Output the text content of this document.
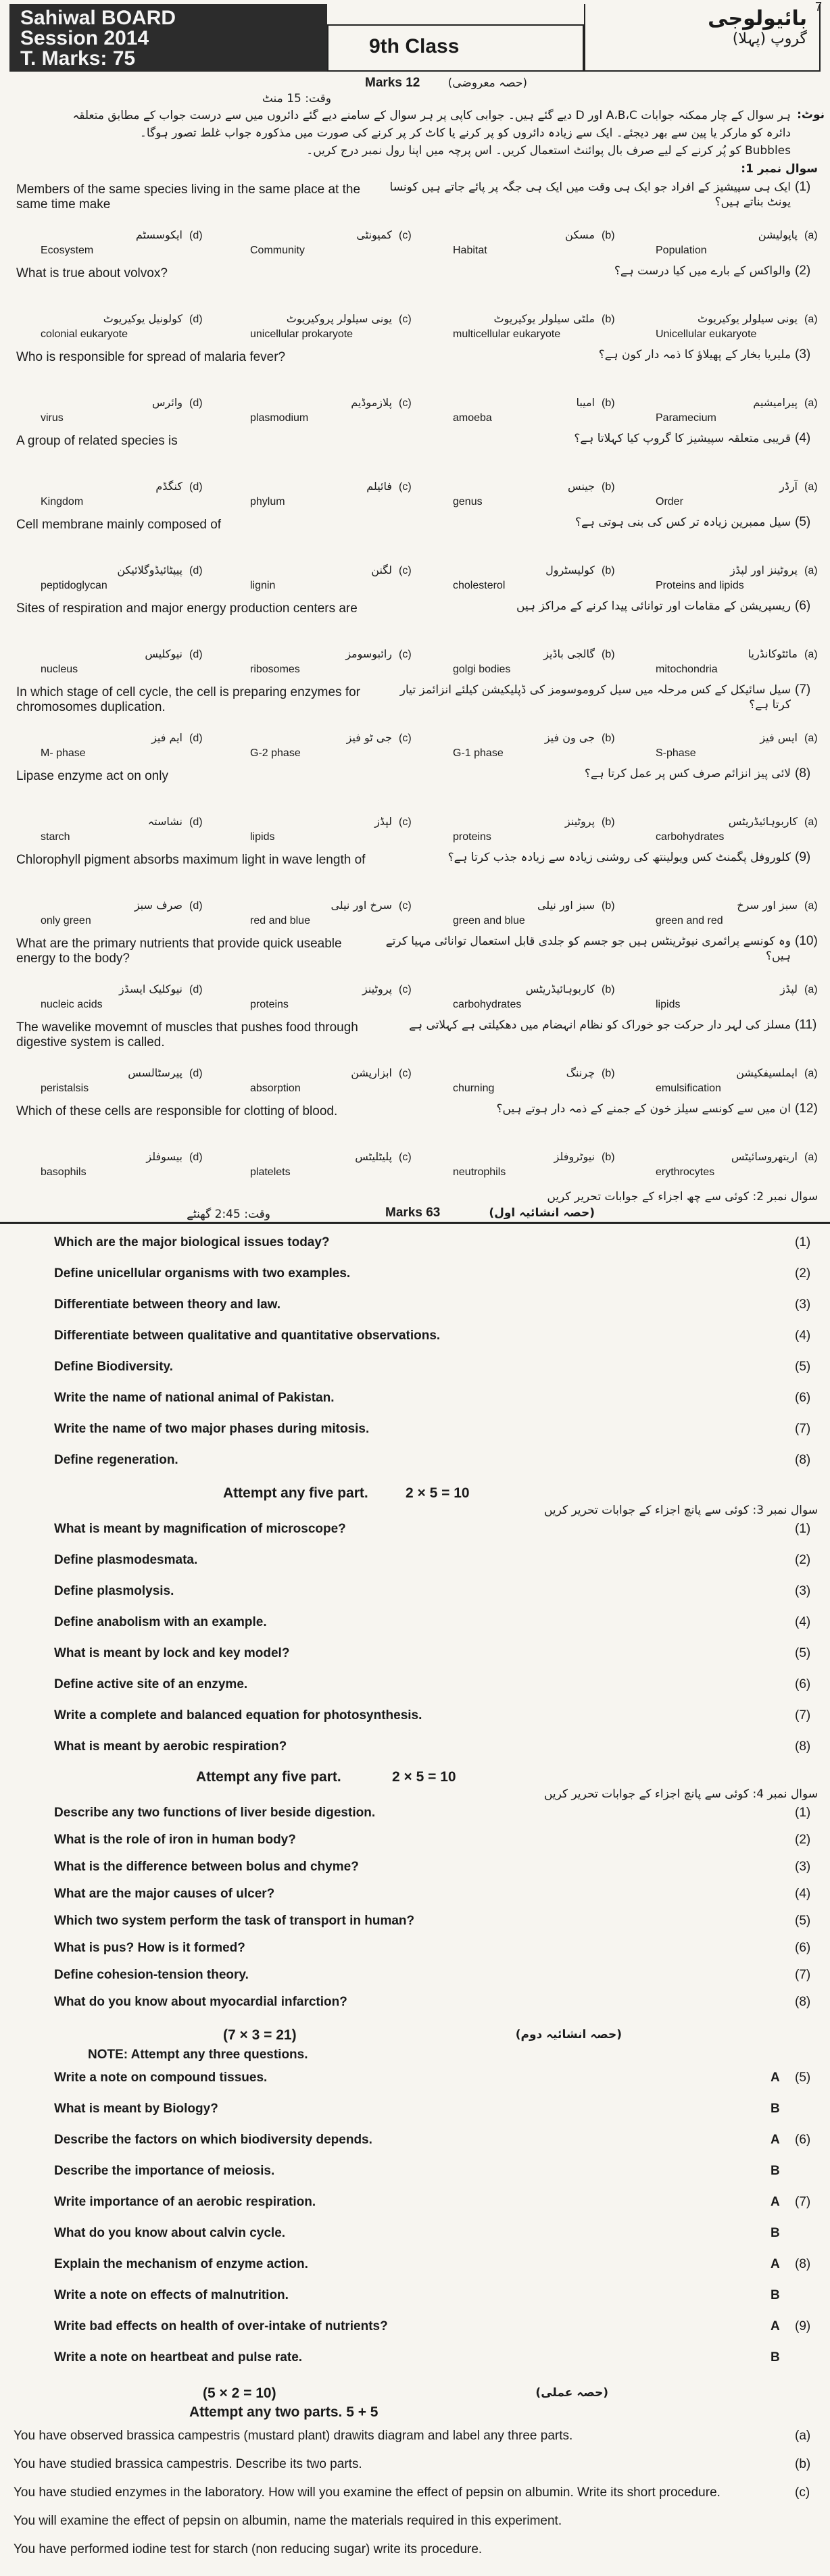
Sahiwal BOARD
Session 2014
T. Marks: 75
9th Class
بائیولوجی
گروپ (پہلا)
7
Marks 12	(حصہ معروضی)
وقت: 15 منٹ
ہر سوال کے چار ممکنہ جوابات A،B،C اور D دیے گئے ہیں۔ جوابی کاپی پر ہر سوال کے سامنے دیے گئے دائروں میں سے درست جواب کے مطابق متعلقہ نوٹ:
دائرہ کو مارکر یا پین سے بھر دیجئے۔ ایک سے زیادہ دائروں کو پر کرنے یا کاٹ کر پر کرنے کی صورت میں مذکورہ جواب غلط تصور ہوگا۔
Bubbles کو پُر کرنے کے لیے صرف بال پوائنٹ استعمال کریں۔ اس پرچہ میں اپنا رول نمبر درج کریں۔
سوال نمبر 1:
(1)
ایک ہی سپیشیز کے افراد جو ایک ہی وقت میں ایک ہی جگہ پر پائے جاتے ہیں کونسا یونٹ بناتے ہیں؟
Members of the same species living in the same place at the same time make
(a)
پاپولیشن
Population
(b)
مسکن
Habitat
(c)
کمیونٹی
Community
(d)
ایکوسسٹم
Ecosystem
(2)
والواکس کے بارے میں کیا درست ہے؟
What is true about volvox?
(a)
یونی سیلولر یوکیریوٹ
Unicellular eukaryote
(b)
ملٹی سیلولر یوکیریوٹ
multicellular eukaryote
(c)
یونی سیلولر پروکیریوٹ
unicellular prokaryote
(d)
کولونیل یوکیریوٹ
colonial eukaryote
(3)
ملیریا بخار کے پھیلاؤ کا ذمہ دار کون ہے؟
Who is responsible for spread of malaria fever?
(a)
پیرامیشیم
Paramecium
(b)
امیبا
amoeba
(c)
پلازموڈیم
plasmodium
(d)
وائرس
virus
(4)
قریبی متعلقہ سپیشیز کا گروپ کیا کہلاتا ہے؟
A group of related species is
(a)
آرڈر
Order
(b)
جینس
genus
(c)
فائیلم
phylum
(d)
کنگڈم
Kingdom
(5)
سیل ممبرین زیادہ تر کس کی بنی ہوتی ہے؟
Cell membrane mainly composed of
(a)
پروٹینز اور لپڈز
Proteins and lipids
(b)
کولیسٹرول
cholesterol
(c)
لگنن
lignin
(d)
پیپٹائیڈوگلائیکن
peptidoglycan
(6)
ریسپریشن کے مقامات اور توانائی پیدا کرنے کے مراکز ہیں
Sites of respiration and major energy production centers are
(a)
مائٹوکانڈریا
mitochondria
(b)
گالجی باڈیز
golgi bodies
(c)
رائبوسومز
ribosomes
(d)
نیوکلیس
nucleus
(7)
سیل سائیکل کے کس مرحلہ میں سیل کروموسومز کی ڈپلیکیشن کیلئے انزائمز تیار کرتا ہے؟
In which stage of cell cycle, the cell is preparing enzymes for chromosomes duplication.
(a)
ایس فیز
S-phase
(b)
جی ون فیز
G-1 phase
(c)
جی ٹو فیز
G-2 phase
(d)
ایم فیز
M- phase
(8)
لائی پیز انزائم صرف کس پر عمل کرتا ہے؟
Lipase enzyme act on only
(a)
کاربوہائیڈریٹس
carbohydrates
(b)
پروٹینز
proteins
(c)
لپڈز
lipids
(d)
نشاستہ
starch
(9)
کلوروفل پگمنٹ کس ویولینتھ کی روشنی زیادہ سے زیادہ جذب کرتا ہے؟
Chlorophyll pigment absorbs maximum light in wave length of
(a)
سبز اور سرخ
green and red
(b)
سبز اور نیلی
green and blue
(c)
سرخ اور نیلی
red and blue
(d)
صرف سبز
only green
(10)
وہ کونسے پرائمری نیوٹرینٹس ہیں جو جسم کو جلدی قابل استعمال توانائی مہیا کرتے ہیں؟
What are the primary nutrients that provide quick useable energy to the body?
(a)
لپڈز
lipids
(b)
کاربوہائیڈریٹس
carbohydrates
(c)
پروٹینز
proteins
(d)
نیوکلیک ایسڈز
nucleic acids
(11)
مسلز کی لہر دار حرکت جو خوراک کو نظام انہضام میں دھکیلتی ہے کہلاتی ہے
The wavelike movemnt of muscles that pushes food through digestive system is called.
(a)
ایملسیفکیشن
emulsification
(b)
چرننگ
churning
(c)
ابزارپشن
absorption
(d)
پیرسٹالسس
peristalsis
(12)
ان میں سے کونسے سیلز خون کے جمنے کے ذمہ دار ہوتے ہیں؟
Which of these cells are responsible for clotting of blood.
(a)
اریتھروسائیٹس
erythrocytes
(b)
نیوٹروفلز
neutrophils
(c)
پلیٹلیٹس
platelets
(d)
بیسوفلز
basophils
وقت: 2:45 گھنٹے	Marks 63	(حصہ انشائیہ اول)
سوال نمبر 2: کوئی سے چھ اجزاء کے جوابات تحریر کریں
(1)
Which are the major biological issues today?
(2)
Define unicellular organisms with two examples.
(3)
Differentiate between theory and law.
(4)
Differentiate between qualitative and quantitative observations.
(5)
Define Biodiversity.
(6)
Write the name of national animal of Pakistan.
(7)
Write the name of two major phases during mitosis.
(8)
Define regeneration.
Attempt any five part.	2 × 5 = 10
سوال نمبر 3: کوئی سے پانچ اجزاء کے جوابات تحریر کریں
(1)
What is meant by magnification of microscope?
(2)
Define plasmodesmata.
(3)
Define plasmolysis.
(4)
Define anabolism with an example.
(5)
What is meant by lock and key model?
(6)
Define active site of an enzyme.
(7)
Write a complete and balanced equation for photosynthesis.
(8)
What is meant by aerobic respiration?
Attempt any five part.	2 × 5 = 10
سوال نمبر 4: کوئی سے پانچ اجزاء کے جوابات تحریر کریں
(1)
Describe any two functions of liver beside digestion.
(2)
What is the role of iron in human body?
(3)
What is the difference between bolus and chyme?
(4)
What are the major causes of ulcer?
(5)
Which two system perform the task of transport in human?
(6)
What is pus? How is it formed?
(7)
Define cohesion-tension theory.
(8)
What do you know about myocardial infarction?
(حصہ انشائیہ دوم)
(7 × 3 = 21)
NOTE: Attempt any three questions.
(5)
A
Write a note on compound tissues.
B
What is meant by Biology?
(6)
A
Describe the factors on which biodiversity depends.
B
Describe the importance of meiosis.
(7)
A
Write importance of an aerobic respiration.
B
What do you know about calvin cycle.
(8)
A
Explain the mechanism of enzyme action.
B
Write a note on effects of malnutrition.
(9)
A
Write bad effects on health of over-intake of nutrients?
B
Write a note on heartbeat and pulse rate.
(5 × 2 = 10)	(حصہ عملی)
Attempt any two parts. 5 + 5
(a)
You have observed brassica campestris (mustard plant) drawits diagram and label any three parts.
(b)
You have studied brassica campestris. Describe its two parts.
(c)
You have studied enzymes in the laboratory. How will you examine the effect of pepsin on albumin. Write its short procedure.
You will examine the effect of pepsin on albumin, name the materials required in this experiment.
You have performed iodine test for starch (non reducing sugar) write its procedure.
